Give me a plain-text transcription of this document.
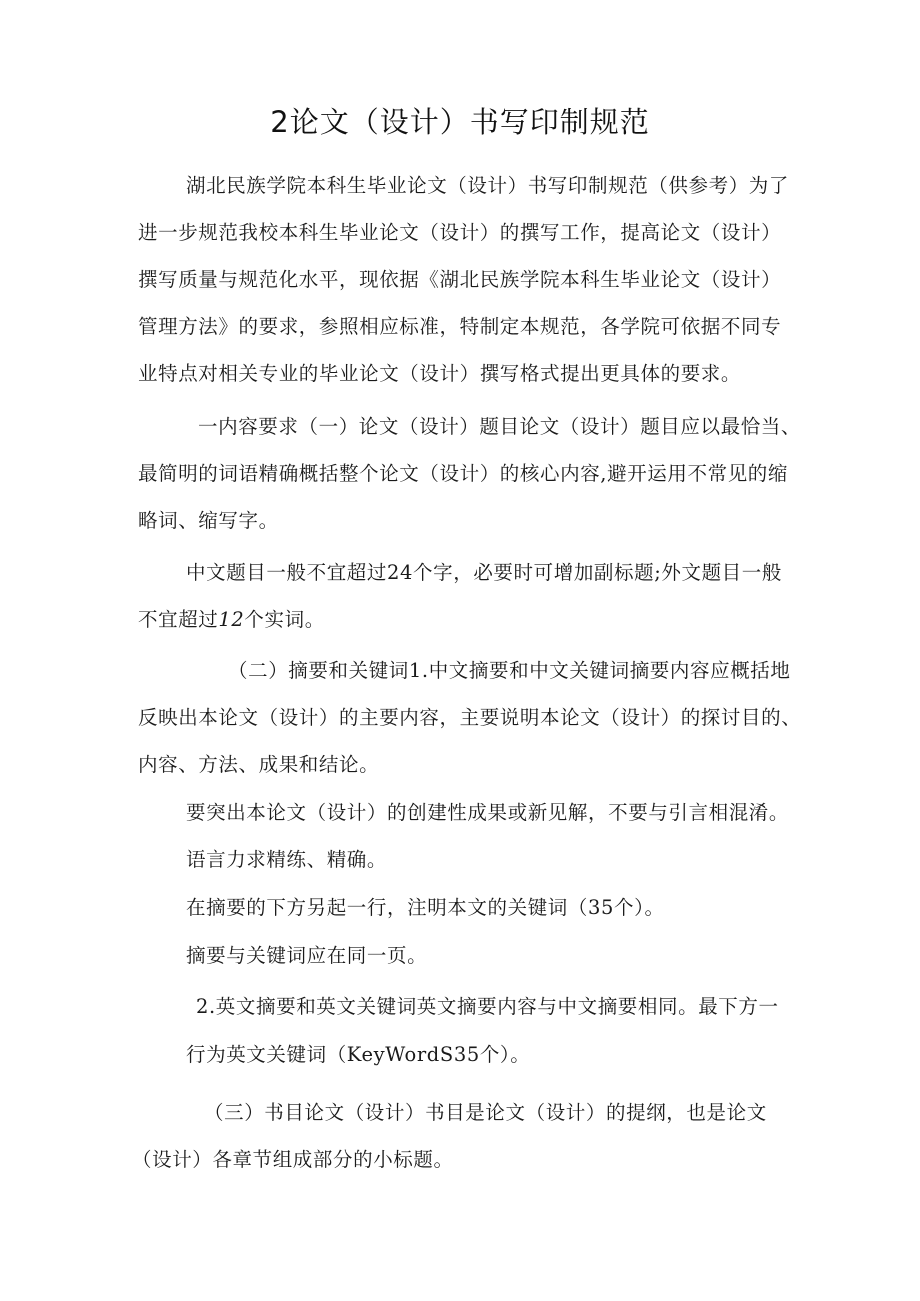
2论文（设计）书写印制规范

湖北民族学院本科生毕业论文（设计）书写印制规范（供参考）为了

进一步规范我校本科生毕业论文（设计）的撰写工作，提高论文（设计）

撰写质量与规范化水平，现依据《湖北民族学院本科生毕业论文（设计）

管理方法》的要求，参照相应标准，特制定本规范，各学院可依据不同专

业特点对相关专业的毕业论文（设计）撰写格式提出更具体的要求。

一内容要求（一）论文（设计）题目论文（设计）题目应以最恰当、

最简明的词语精确概括整个论文（设计）的核心内容,避开运用不常见的缩

略词、缩写字。

中文题目一般不宜超过24个字，必要时可增加副标题;外文题目一般

不宜超过12个实词。

（二）摘要和关键词1.中文摘要和中文关键词摘要内容应概括地

反映出本论文（设计）的主要内容，主要说明本论文（设计）的探讨目的、

内容、方法、成果和结论。

要突出本论文（设计）的创建性成果或新见解，不要与引言相混淆。

语言力求精练、精确。

在摘要的下方另起一行，注明本文的关键词（35个）。

摘要与关键词应在同一页。

2.英文摘要和英文关键词英文摘要内容与中文摘要相同。最下方一

行为英文关键词（KeyWordS35个）。

（三）书目论文（设计）书目是论文（设计）的提纲，也是论文

（设计）各章节组成部分的小标题。
